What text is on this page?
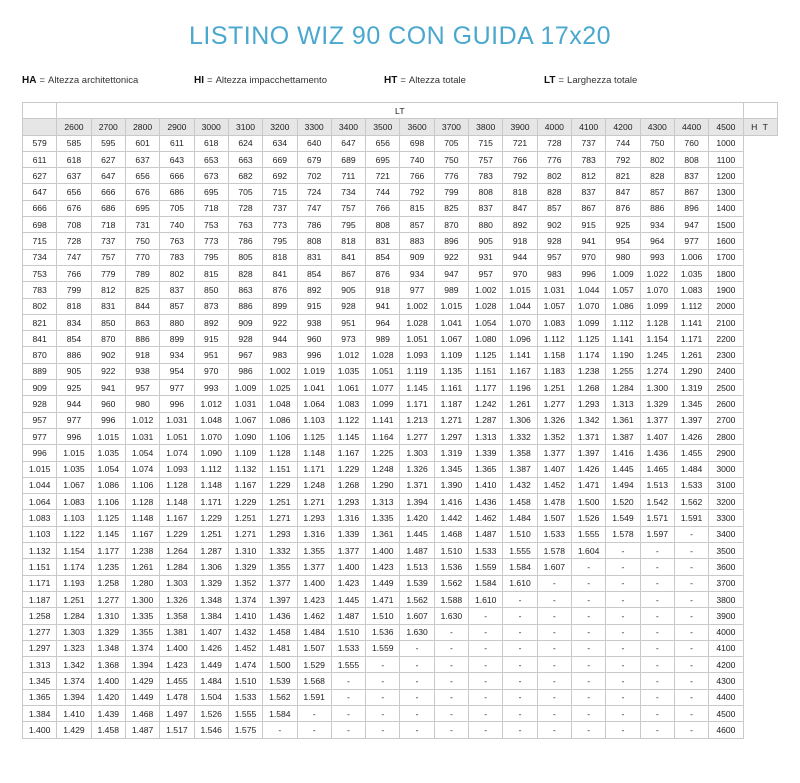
LISTINO WIZ 90 CON GUIDA 17x20
HA = Altezza architettonica	HI = Altezza impacchettamento	HT = Altezza totale	LT = Larghezza totale
	LT																				
	2600	2700	2800	2900	3000	3100	3200	3300	3400	3500	3600	3700	3800	3900	4000	4100	4200	4300	4400	4500	H T
579	585	595	601	611	618	624	634	640	647	656	698	705	715	721	728	737	744	750	760	1000	
611	618	627	637	643	653	663	669	679	689	695	740	750	757	766	776	783	792	802	808	1100	
627	637	647	656	666	673	682	692	702	711	721	766	776	783	792	802	812	821	828	837	1200	
647	656	666	676	686	695	705	715	724	734	744	792	799	808	818	828	837	847	857	867	1300	
666	676	686	695	705	718	728	737	747	757	766	815	825	837	847	857	867	876	886	896	1400	
698	708	718	731	740	753	763	773	786	795	808	857	870	880	892	902	915	925	934	947	1500	
715	728	737	750	763	773	786	795	808	818	831	883	896	905	918	928	941	954	964	977	1600	
734	747	757	770	783	795	805	818	831	841	854	909	922	931	944	957	970	980	993	1.006	1700	
753	766	779	789	802	815	828	841	854	867	876	934	947	957	970	983	996	1.009	1.022	1.035	1800	
783	799	812	825	837	850	863	876	892	905	918	977	989	1.002	1.015	1.031	1.044	1.057	1.070	1.083	1900	
802	818	831	844	857	873	886	899	915	928	941	1.002	1.015	1.028	1.044	1.057	1.070	1.086	1.099	1.112	2000	
821	834	850	863	880	892	909	922	938	951	964	1.028	1.041	1.054	1.070	1.083	1.099	1.112	1.128	1.141	2100	
841	854	870	886	899	915	928	944	960	973	989	1.051	1.067	1.080	1.096	1.112	1.125	1.141	1.154	1.171	2200	
870	886	902	918	934	951	967	983	996	1.012	1.028	1.093	1.109	1.125	1.141	1.158	1.174	1.190	1.245	1.261	2300	
889	905	922	938	954	970	986	1.002	1.019	1.035	1.051	1.119	1.135	1.151	1.167	1.183	1.238	1.255	1.274	1.290	2400	
909	925	941	957	977	993	1.009	1.025	1.041	1.061	1.077	1.145	1.161	1.177	1.196	1.251	1.268	1.284	1.300	1.319	2500	
928	944	960	980	996	1.012	1.031	1.048	1.064	1.083	1.099	1.171	1.187	1.242	1.261	1.277	1.293	1.313	1.329	1.345	2600	
957	977	996	1.012	1.031	1.048	1.067	1.086	1.103	1.122	1.141	1.213	1.271	1.287	1.306	1.326	1.342	1.361	1.377	1.397	2700	
977	996	1.015	1.031	1.051	1.070	1.090	1.106	1.125	1.145	1.164	1.277	1.297	1.313	1.332	1.352	1.371	1.387	1.407	1.426	2800	
996	1.015	1.035	1.054	1.074	1.090	1.109	1.128	1.148	1.167	1.225	1.303	1.319	1.339	1.358	1.377	1.397	1.416	1.436	1.455	2900	
1.015	1.035	1.054	1.074	1.093	1.112	1.132	1.151	1.171	1.229	1.248	1.326	1.345	1.365	1.387	1.407	1.426	1.445	1.465	1.484	3000	
1.044	1.067	1.086	1.106	1.128	1.148	1.167	1.229	1.248	1.268	1.290	1.371	1.390	1.410	1.432	1.452	1.471	1.494	1.513	1.533	3100	
1.064	1.083	1.106	1.128	1.148	1.171	1.229	1.251	1.271	1.293	1.313	1.394	1.416	1.436	1.458	1.478	1.500	1.520	1.542	1.562	3200	
1.083	1.103	1.125	1.148	1.167	1.229	1.251	1.271	1.293	1.316	1.335	1.420	1.442	1.462	1.484	1.507	1.526	1.549	1.571	1.591	3300	
1.103	1.122	1.145	1.167	1.229	1.251	1.271	1.293	1.316	1.339	1.361	1.445	1.468	1.487	1.510	1.533	1.555	1.578	1.597	-	3400	
1.132	1.154	1.177	1.238	1.264	1.287	1.310	1.332	1.355	1.377	1.400	1.487	1.510	1.533	1.555	1.578	1.604	-	-	-	3500	
1.151	1.174	1.235	1.261	1.284	1.306	1.329	1.355	1.377	1.400	1.423	1.513	1.536	1.559	1.584	1.607	-	-	-	-	3600	
1.171	1.193	1.258	1.280	1.303	1.329	1.352	1.377	1.400	1.423	1.449	1.539	1.562	1.584	1.610	-	-	-	-	-	3700	
1.187	1.251	1.277	1.300	1.326	1.348	1.374	1.397	1.423	1.445	1.471	1.562	1.588	1.610	-	-	-	-	-	-	3800	
1.258	1.284	1.310	1.335	1.358	1.384	1.410	1.436	1.462	1.487	1.510	1.607	1.630	-	-	-	-	-	-	-	3900	
1.277	1.303	1.329	1.355	1.381	1.407	1.432	1.458	1.484	1.510	1.536	1.630	-	-	-	-	-	-	-	-	4000	
1.297	1.323	1.348	1.374	1.400	1.426	1.452	1.481	1.507	1.533	1.559	-	-	-	-	-	-	-	-	-	4100	
1.313	1.342	1.368	1.394	1.423	1.449	1.474	1.500	1.529	1.555	-	-	-	-	-	-	-	-	-	-	4200	
1.345	1.374	1.400	1.429	1.455	1.484	1.510	1.539	1.568	-	-	-	-	-	-	-	-	-	-	-	4300	
1.365	1.394	1.420	1.449	1.478	1.504	1.533	1.562	1.591	-	-	-	-	-	-	-	-	-	-	-	4400	
1.384	1.410	1.439	1.468	1.497	1.526	1.555	1.584	-	-	-	-	-	-	-	-	-	-	-	-	4500	
1.400	1.429	1.458	1.487	1.517	1.546	1.575	-	-	-	-	-	-	-	-	-	-	-	-	-	4600	
